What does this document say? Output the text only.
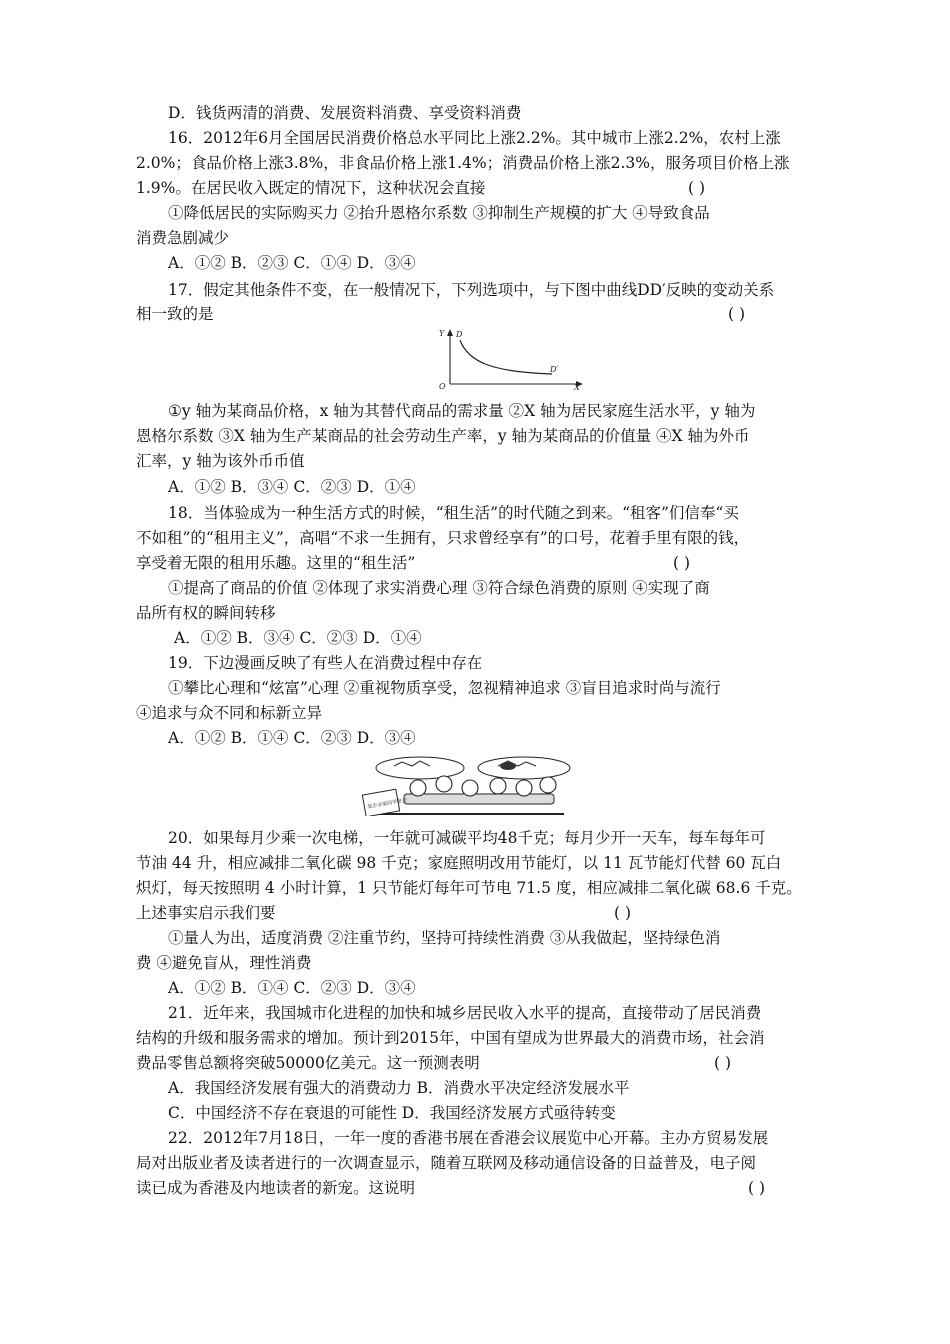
D．钱货两清的消费、发展资料消费、享受资料消费
16．2012年6月全国居民消费价格总水平同比上涨2.2%。其中城市上涨2.2%，农村上涨
2.0%；食品价格上涨3.8%，非食品价格上涨1.4%；消费品价格上涨2.3%，服务项目价格上涨
1.9%。在居民收入既定的情况下，这种状况会直接	( )
①降低居民的实际购买力 ②抬升恩格尔系数 ③抑制生产规模的扩大 ④导致食品
消费急剧减少
A．①② B．②③ C．①④ D．③④
17．假定其他条件不变，在一般情况下，下列选项中，与下图中曲线DD′反映的变动关系
相一致的是	( )
Y D
O
D′
X
①y 轴为某商品价格，x 轴为其替代商品的需求量 ②X 轴为居民家庭生活水平，y 轴为
恩格尔系数 ③X 轴为生产某商品的社会劳动生产率，y 轴为某商品的价值量 ④X 轴为外币
汇率，y 轴为该外币币值
A．①② B．③④ C．②③ D．①④
18．当体验成为一种生活方式的时候，“租生活”的时代随之到来。“租客”们信奉“买
不如租”的“租用主义”，高唱“不求一生拥有，只求曾经享有”的口号，花着手里有限的钱，
享受着无限的租用乐趣。这里的“租生活”	( )
①提高了商品的价值 ②体现了求实消费心理 ③符合绿色消费的原则 ④实现了商
品所有权的瞬间转移
A．①② B．③④ C．②③ D．①④
19．下边漫画反映了有些人在消费过程中存在
①攀比心理和“炫富”心理 ②重视物质享受，忽视精神追求 ③盲目追求时尚与流行
④追求与众不同和标新立异
A．①② B．①④ C．②③ D．③④
某企业家同学聚会
20．如果每月少乘一次电梯，一年就可减碳平均48千克；每月少开一天车，每车每年可
节油 44 升，相应减排二氧化碳 98 千克；家庭照明改用节能灯，以 11 瓦节能灯代替 60 瓦白
炽灯，每天按照明 4 小时计算，1 只节能灯每年可节电 71.5 度，相应减排二氧化碳 68.6 千克。
上述事实启示我们要	( )
①量人为出，适度消费 ②注重节约，坚持可持续性消费 ③从我做起，坚持绿色消
费 ④避免盲从，理性消费
A．①② B．①④ C．②③ D．③④
21．近年来，我国城市化进程的加快和城乡居民收入水平的提高，直接带动了居民消费
结构的升级和服务需求的增加。预计到2015年，中国有望成为世界最大的消费市场，社会消
费品零售总额将突破50000亿美元。这一预测表明	( )
A．我国经济发展有强大的消费动力 B．消费水平决定经济发展水平
C．中国经济不存在衰退的可能性 D．我国经济发展方式亟待转变
22．2012年7月18日，一年一度的香港书展在香港会议展览中心开幕。主办方贸易发展
局对出版业者及读者进行的一次调查显示，随着互联网及移动通信设备的日益普及，电子阅
读已成为香港及内地读者的新宠。这说明	( )
